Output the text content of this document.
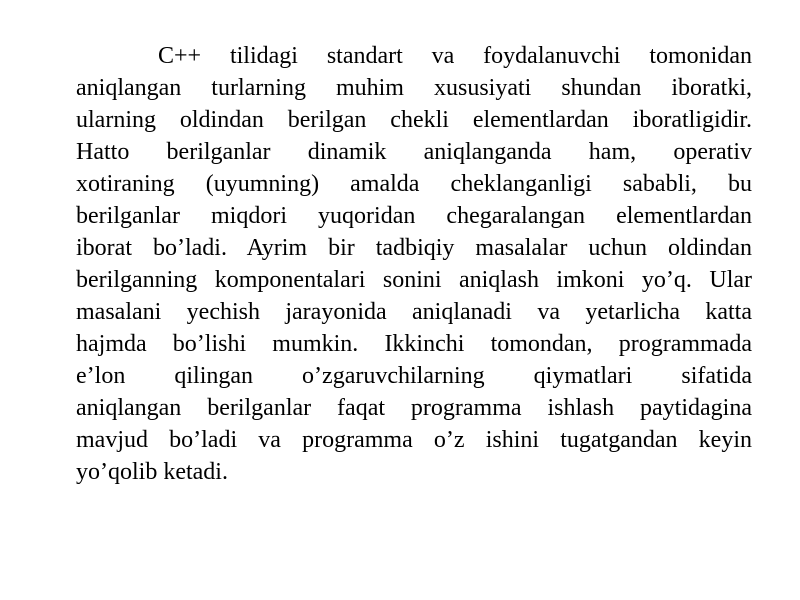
C++ tilidagi standart va foydalanuvchi tomonidan
aniqlangan turlarning muhim xususiyati shundan iboratki,
ularning oldindan berilgan chekli elementlardan iboratligidir.
Hatto berilganlar dinamik aniqlanganda ham, operativ
xotiraning (uyumning) amalda cheklanganligi sababli, bu
berilganlar miqdori yuqoridan chegaralangan elementlardan
iborat bo’ladi. Ayrim bir tadbiqiy masalalar uchun oldindan
berilganning komponentalari sonini aniqlash imkoni yo’q. Ular
masalani yechish jarayonida aniqlanadi va yetarlicha katta
hajmda bo’lishi mumkin. Ikkinchi tomondan, programmada
e’lon qilingan o’zgaruvchilarning qiymatlari sifatida
aniqlangan berilganlar faqat programma ishlash paytidagina
mavjud bo’ladi va programma o’z ishini tugatgandan keyin
yo’qolib ketadi.
